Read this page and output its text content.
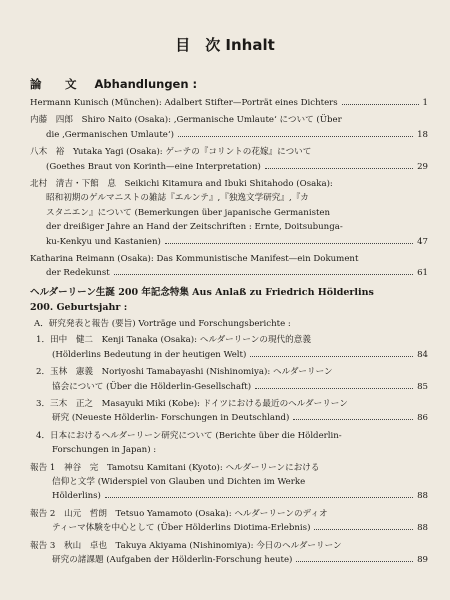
目　次 Inhalt
論　文 Abhandlungen :
Hermann Kunisch (München): Adalbert Stifter—Porträt eines Dichters	1
内藤　四郎　Shiro Naito (Osaka): ‚Germanische Umlaute‘ について (Über
die ‚Germanischen Umlaute‘)	18
八木　裕　Yutaka Yagi (Osaka): ゲーテの『コリントの花嫁』について
(Goethes Braut von Korinth—eine Interpretation)	29
北村　清吉・下館　息　Seikichi Kitamura and Ibuki Shitahodo (Osaka):
昭和初期のゲルマニストの雑誌『エルンテ』,『独逸文学研究』,『カ
スタニエン』について (Bemerkungen über japanische Germanisten
der dreißiger Jahre an Hand der Zeitschriften : Ernte, Doitsubunga-
ku-Kenkyu und Kastanien)	47
Katharina Reimann (Osaka): Das Kommunistische Manifest—ein Dokument
der Redekunst	61
ヘルダーリーン生誕 200 年記念特集 Aus Anlaß zu Friedrich Hölderlins
200. Geburtsjahr :
A．研究発表と報告 (要旨) Vorträge und Forschungsberichte :
1．田中　健二　Kenji Tanaka (Osaka): ヘルダーリーンの現代的意義
(Hölderlins Bedeutung in der heutigen Welt)	84
2．玉林　憲義　Noriyoshi Tamabayashi (Nishinomiya): ヘルダーリーン
協会について (Über die Hölderlin-Gesellschaft)	85
3．三木　正之　Masayuki Miki (Kobe): ドイツにおける最近のヘルダーリーン
研究 (Neueste Hölderlin- Forschungen in Deutschland)	86
4．日本におけるヘルダーリーン研究について (Berichte über die Hölderlin-
Forschungen in Japan) :
報告 1　神谷　完　Tamotsu Kamitani (Kyoto): ヘルダーリーンにおける
信仰と文学 (Widerspiel von Glauben und Dichten im Werke
Hölderlins)	88
報告 2　山元　哲朗　Tetsuo Yamamoto (Osaka): ヘルダーリーンのディオ
ティーマ体験を中心として (Über Hölderlins Diotima-Erlebnis)	88
報告 3　秋山　卓也　Takuya Akiyama (Nishinomiya): 今日のヘルダーリーン
研究の諸課題 (Aufgaben der Hölderlin-Forschung heute)	89
